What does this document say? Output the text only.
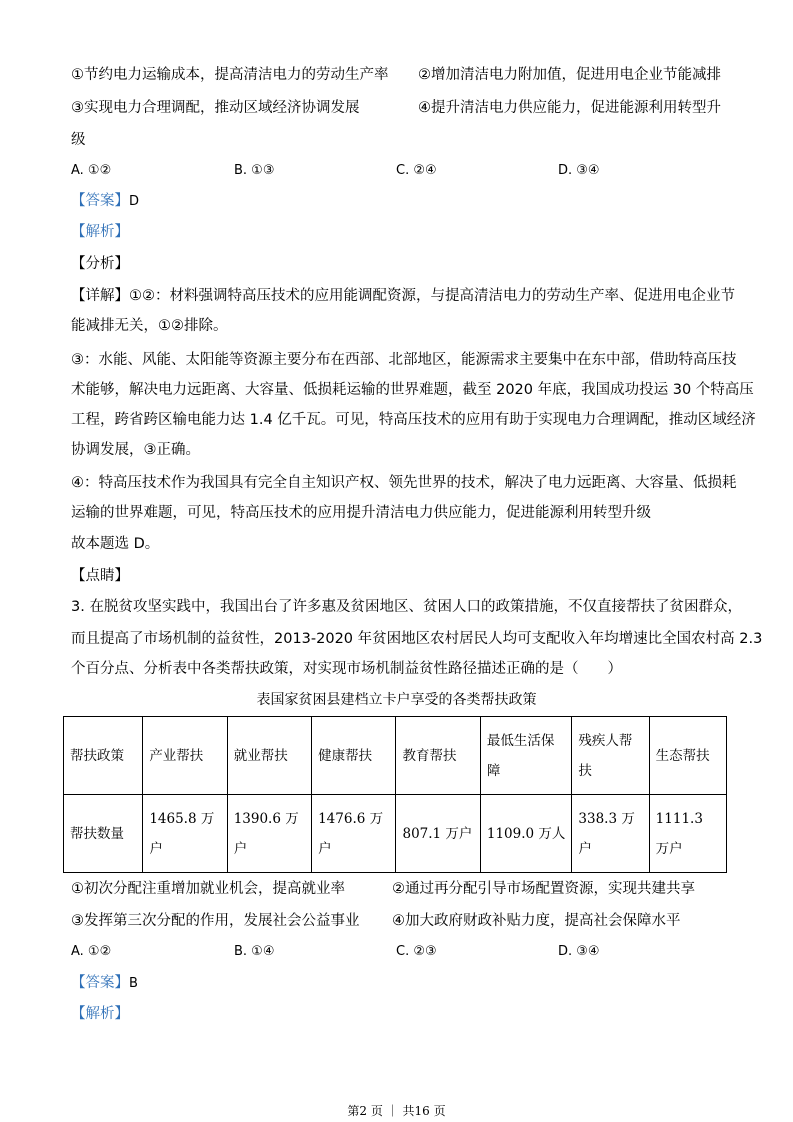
①节约电力运输成本，提高清洁电力的劳动生产率 ②增加清洁电力附加值，促进用电企业节能减排
③实现电力合理调配，推动区域经济协调发展	④提升清洁电力供应能力，促进能源利用转型升
级
A. ①②	B. ①③	C. ②④	D. ③④
【答案】D
【解析】
【分析】
【详解】①②：材料强调特高压技术的应用能调配资源，与提高清洁电力的劳动生产率、促进用电企业节
能减排无关，①②排除。
③：水能、风能、太阳能等资源主要分布在西部、北部地区，能源需求主要集中在东中部，借助特高压技
术能够，解决电力远距离、大容量、低损耗运输的世界难题，截至 2020 年底，我国成功投运 30 个特高压
工程，跨省跨区输电能力达 1.4 亿千瓦。可见，特高压技术的应用有助于实现电力合理调配，推动区域经济
协调发展，③正确。
④：特高压技术作为我国具有完全自主知识产权、领先世界的技术，解决了电力远距离、大容量、低损耗
运输的世界难题，可见，特高压技术的应用提升清洁电力供应能力，促进能源利用转型升级
故本题选 D。
【点睛】
3. 在脱贫攻坚实践中，我国出台了许多惠及贫困地区、贫困人口的政策措施，不仅直接帮扶了贫困群众，
而且提高了市场机制的益贫性，2013-2020 年贫困地区农村居民人均可支配收入年均增速比全国农村高 2.3
个百分点、分析表中各类帮扶政策，对实现市场机制益贫性路径描述正确的是（　　）
表国家贫困县建档立卡户享受的各类帮扶政策
帮扶政策	产业帮扶	就业帮扶	健康帮扶	教育帮扶	最低生活保障	残疾人帮扶	生态帮扶
帮扶数量	1465.8 万户	1390.6 万户	1476.6 万户	807.1 万户	1109.0 万人	338.3 万户	1111.3 万户
①初次分配注重增加就业机会，提高就业率	②通过再分配引导市场配置资源，实现共建共享
③发挥第三次分配的作用，发展社会公益事业 ④加大政府财政补贴力度，提高社会保障水平
A. ①②	B. ①④	C. ②③	D. ③④
【答案】B
【解析】
第2 页 ｜ 共16 页
